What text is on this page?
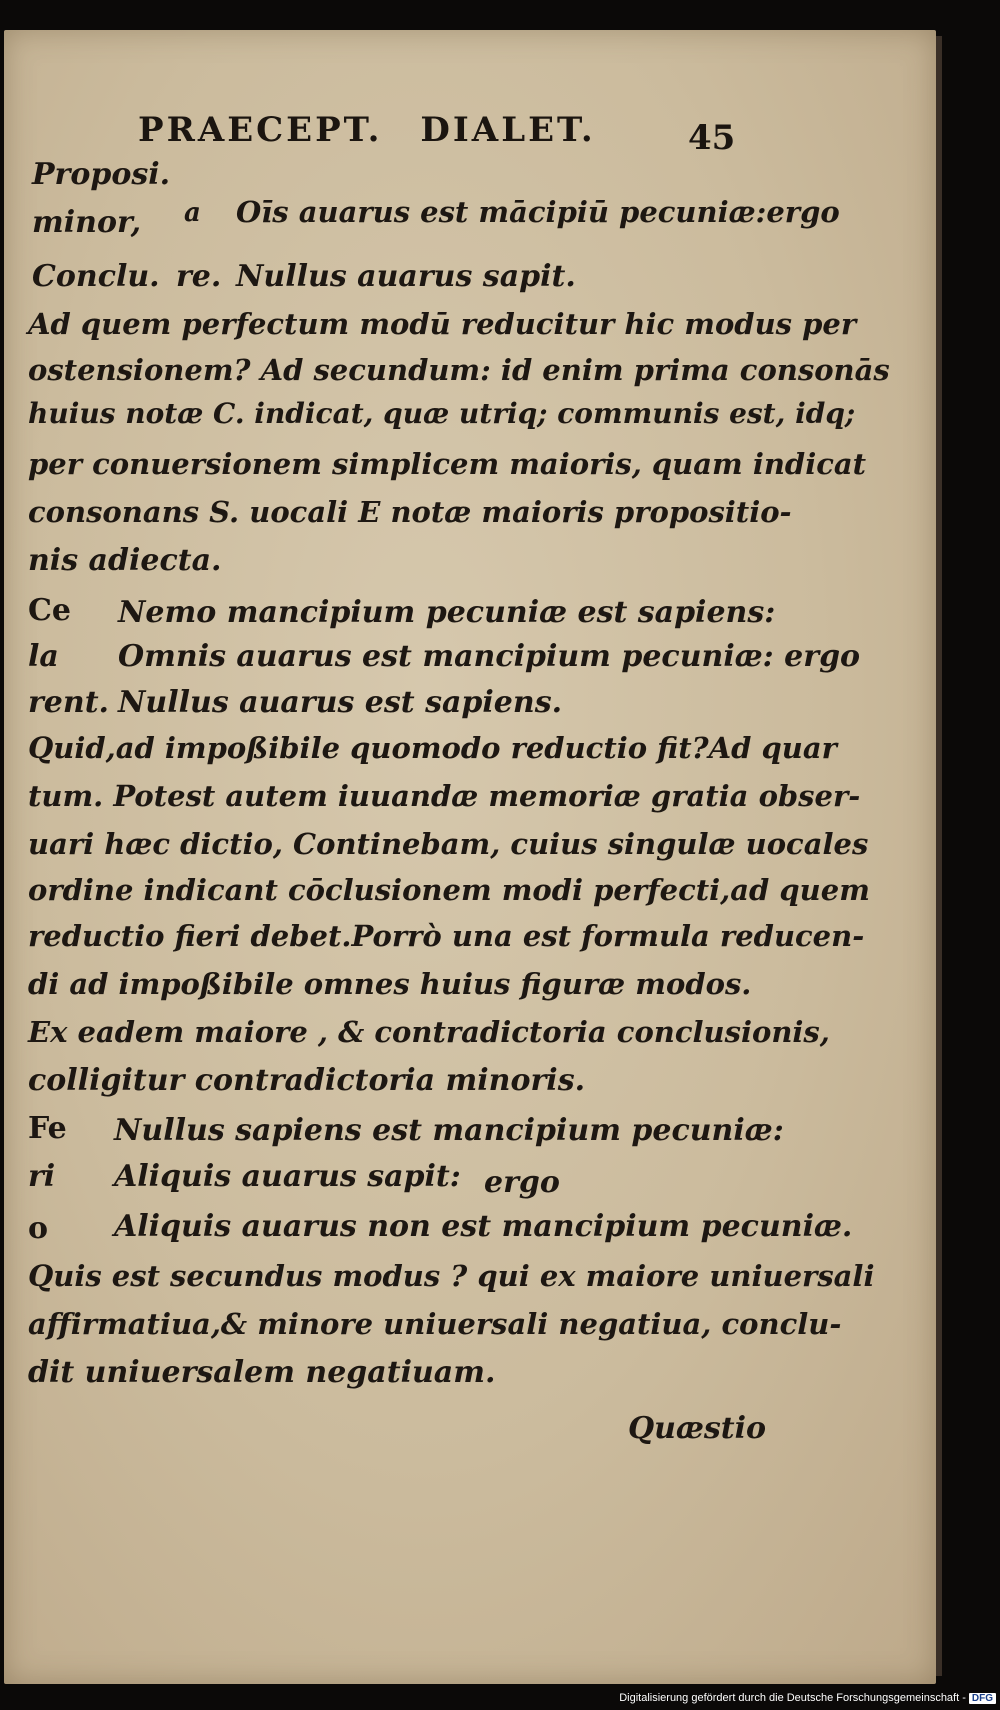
PRAECEPT. DIALET.	45
Proposi.
minor, a Oīs auarus est mācipiū pecuniæ:ergo
Conclu. re. Nullus auarus sapit.
Ad quem perfectum modū reducitur hic modus per
ostensionem? Ad secundum: id enim prima consonās
huius notæ C. indicat, quæ utriq; communis est, idq;
per conuersionem simplicem maioris, quam indicat
consonans S. uocali E notæ maioris propositio-
nis adiecta.
Ce Nemo mancipium pecuniæ est sapiens:
la Omnis auarus est mancipium pecuniæ: ergo
rent. Nullus auarus est sapiens.
Quid,ad impoßibile quomodo reductio fit?Ad quar
tum. Potest autem iuuandæ memoriæ gratia obser-
uari hæc dictio, Continebam, cuius singulæ uocales
ordine indicant cōclusionem modi perfecti,ad quem
reductio fieri debet.Porrò una est formula reducen-
di ad impoßibile omnes huius figuræ modos.
Ex eadem maiore , & contradictoria conclusionis,
colligitur contradictoria minoris.
Fe Nullus sapiens est mancipium pecuniæ:
ri Aliquis auarus sapit: ergo
o Aliquis auarus non est mancipium pecuniæ.
Quis est secundus modus ? qui ex maiore uniuersali
affirmatiua,& minore uniuersali negatiua, conclu-
dit uniuersalem negatiuam.
Quæstio
Digitalisierung gefördert durch die Deutsche Forschungsgemeinschaft - DFG
